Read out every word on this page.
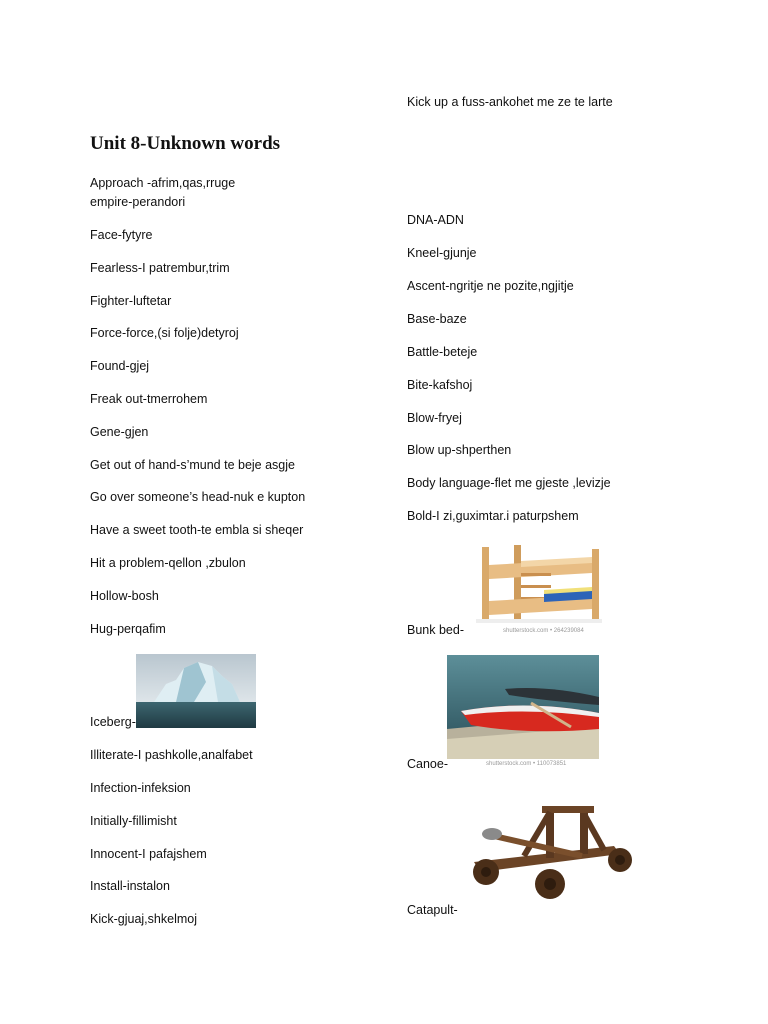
Unit 8-Unknown words
Approach -afrim,qas,rruge
empire-perandori
Face-fytyre
Fearless-I patrembur,trim
Fighter-luftetar
Force-force,(si folje)detyroj
Found-gjej
Freak out-tmerrohem
Gene-gjen
Get out of hand-s’mund te beje asgje
Go over someone’s head-nuk e kupton
Have a sweet tooth-te embla si sheqer
Hit a problem-qellon ,zbulon
Hollow-bosh
Hug-perqafim
Iceberg-
Illiterate-I pashkolle,analfabet
Infection-infeksion
Initially-fillimisht
Innocent-I pafajshem
Install-instalon
Kick-gjuaj,shkelmoj
Kick up a fuss-ankohet me ze te larte
DNA-ADN
Kneel-gjunje
Ascent-ngritje ne pozite,ngjitje
Base-baze
Battle-beteje
Bite-kafshoj
Blow-fryej
Blow up-shperthen
Body language-flet me gjeste ,levizje
Bold-I zi,guximtar.i paturpshem
Bunk bed-	shutterstock.com • 264239084
Canoe-	shutterstock.com • 110073851
Catapult-
